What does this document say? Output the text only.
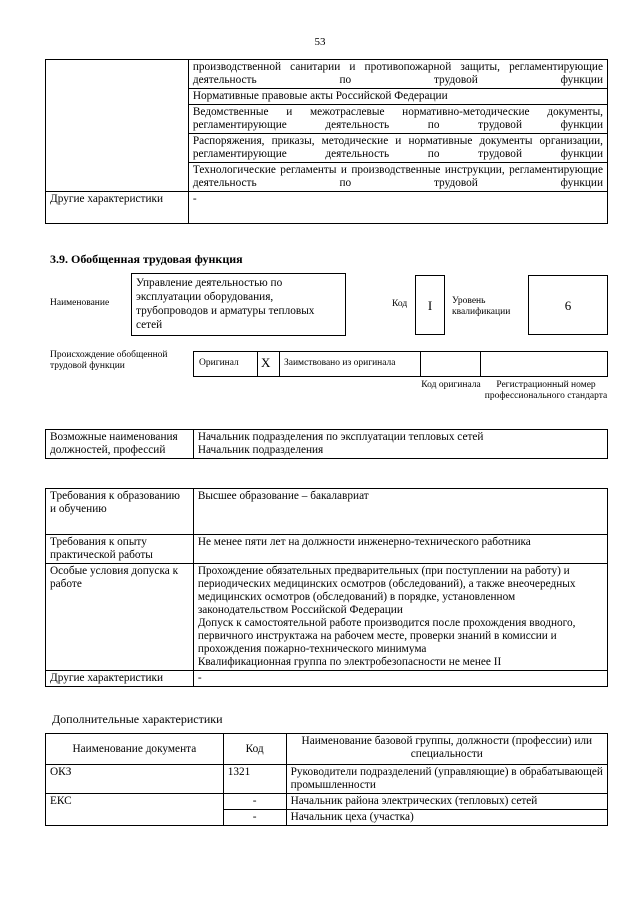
53
	производственной санитарии и противопожарной защиты, регламентирующие деятельность по трудовой функции
	Нормативные правовые акты Российской Федерации
	Ведомственные и межотраслевые нормативно-методические документы, регламентирующие деятельность по трудовой функции
	Распоряжения, приказы, методические и нормативные документы организации, регламентирующие деятельность по трудовой функции
	Технологические регламенты и производственные инструкции, регламентирующие деятельность по трудовой функции
Другие характеристики	-
3.9. Обобщенная трудовая функция
Наименование
Управление деятельностью по эксплуатации оборудования, трубопроводов и арматуры тепловых сетей
Код	I	Уровень квалификации	6
Происхождение обобщенной трудовой функции	Оригинал X Заимствовано из оригинала
Код оригинала	Регистрационный номер профессионального стандарта
Возможные наименования должностей, профессий	Начальник подразделения по эксплуатации тепловых сетей
Начальник подразделения
Требования к образованию и обучению	Высшее образование – бакалавриат
Требования к опыту практической работы	Не менее пяти лет на должности инженерно-технического работника
Особые условия допуска к работе	Прохождение обязательных предварительных (при поступлении на работу) и периодических медицинских осмотров (обследований), а также внеочередных медицинских осмотров (обследований) в порядке, установленном законодательством Российской Федерации
Допуск к самостоятельной работе производится после прохождения вводного, первичного инструктажа на рабочем месте, проверки знаний в комиссии и прохождения пожарно-технического минимума
Квалификационная группа по электробезопасности не менее II
Другие характеристики	-
Дополнительные характеристики
Наименование документа	Код	Наименование базовой группы, должности (профессии) или специальности
ОКЗ	1321	Руководители подразделений (управляющие) в обрабатывающей промышленности
ЕКС	-	Начальник района электрических (тепловых) сетей
	-	Начальник цеха (участка)
